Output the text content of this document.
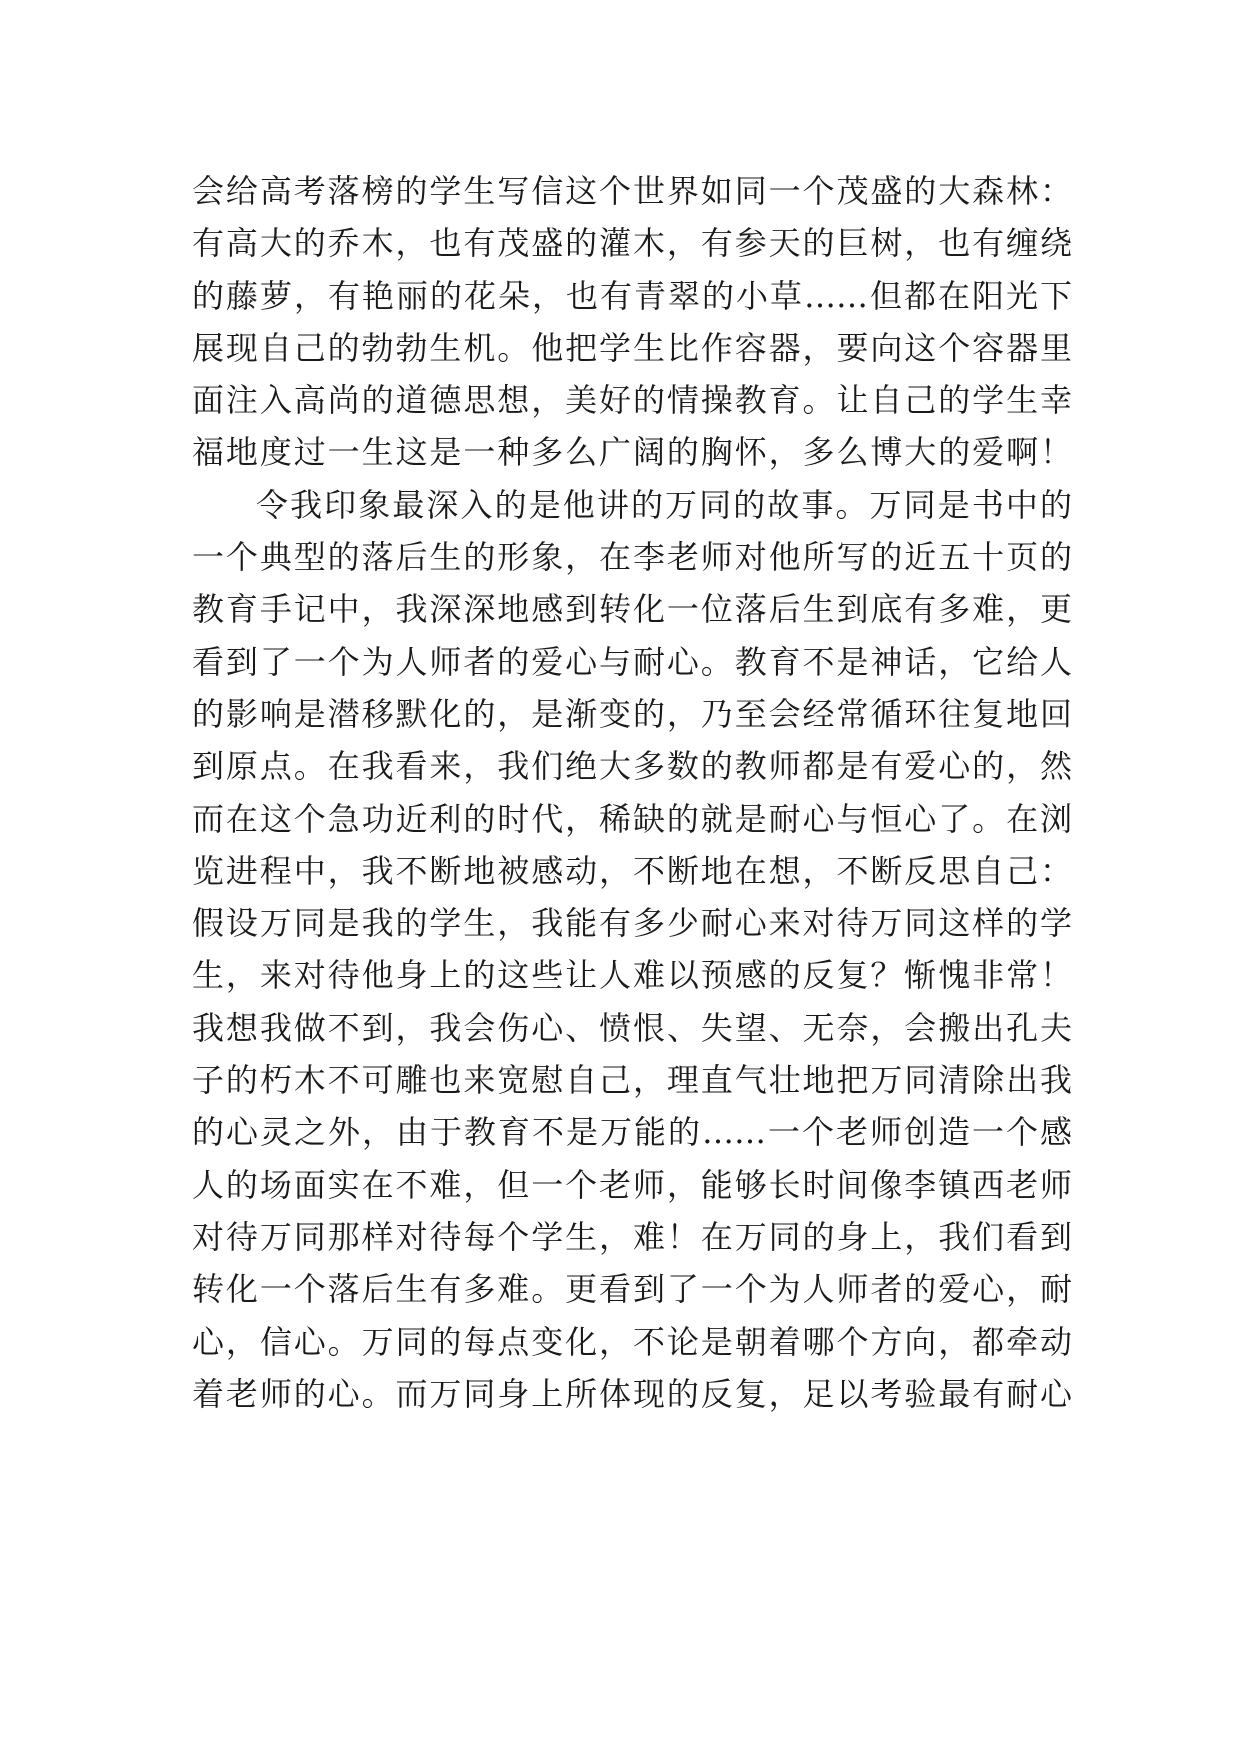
会给高考落榜的学生写信这个世界如同一个茂盛的大森林：
有高大的乔木，也有茂盛的灌木，有参天的巨树，也有缠绕
的藤萝，有艳丽的花朵，也有青翠的小草……但都在阳光下
展现自己的勃勃生机。他把学生比作容器，要向这个容器里
面注入高尚的道德思想，美好的情操教育。让自己的学生幸
福地度过一生这是一种多么广阔的胸怀，多么博大的爱啊！
令我印象最深入的是他讲的万同的故事。万同是书中的
一个典型的落后生的形象，在李老师对他所写的近五十页的
教育手记中，我深深地感到转化一位落后生到底有多难，更
看到了一个为人师者的爱心与耐心。教育不是神话，它给人
的影响是潜移默化的，是渐变的，乃至会经常循环往复地回
到原点。在我看来，我们绝大多数的教师都是有爱心的，然
而在这个急功近利的时代，稀缺的就是耐心与恒心了。在浏
览进程中，我不断地被感动，不断地在想，不断反思自己：
假设万同是我的学生，我能有多少耐心来对待万同这样的学
生，来对待他身上的这些让人难以预感的反复？惭愧非常！
我想我做不到，我会伤心、愤恨、失望、无奈，会搬出孔夫
子的朽木不可雕也来宽慰自己，理直气壮地把万同清除出我
的心灵之外，由于教育不是万能的……一个老师创造一个感
人的场面实在不难，但一个老师，能够长时间像李镇西老师
对待万同那样对待每个学生，难！在万同的身上，我们看到
转化一个落后生有多难。更看到了一个为人师者的爱心，耐
心，信心。万同的每点变化，不论是朝着哪个方向，都牵动
着老师的心。而万同身上所体现的反复，足以考验最有耐心
